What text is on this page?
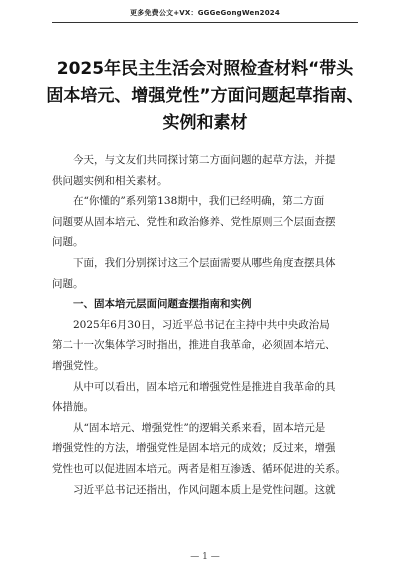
更多免费公文+VX：GGGeGongWen2024
2025年民主生活会对照检查材料“带头
固本培元、增强党性”方面问题起草指南、
实例和素材
今天，与文友们共同探讨第二方面问题的起草方法，并提
供问题实例和相关素材。
在“你懂的”系列第138期中，我们已经明确，第二方面
问题要从固本培元、党性和政治修养、党性原则三个层面查摆
问题。
下面，我们分别探讨这三个层面需要从哪些角度查摆具体
问题。
一、固本培元层面问题查摆指南和实例
2025年6月30日，习近平总书记在主持中共中央政治局
第二十一次集体学习时指出，推进自我革命，必须固本培元、
增强党性。
从中可以看出，固本培元和增强党性是推进自我革命的具
体措施。
从“固本培元、增强党性”的逻辑关系来看，固本培元是
增强党性的方法，增强党性是固本培元的成效；反过来，增强
党性也可以促进固本培元。两者是相互渗透、循环促进的关系。
习近平总书记还指出，作风问题本质上是党性问题。这就
— 1 —
